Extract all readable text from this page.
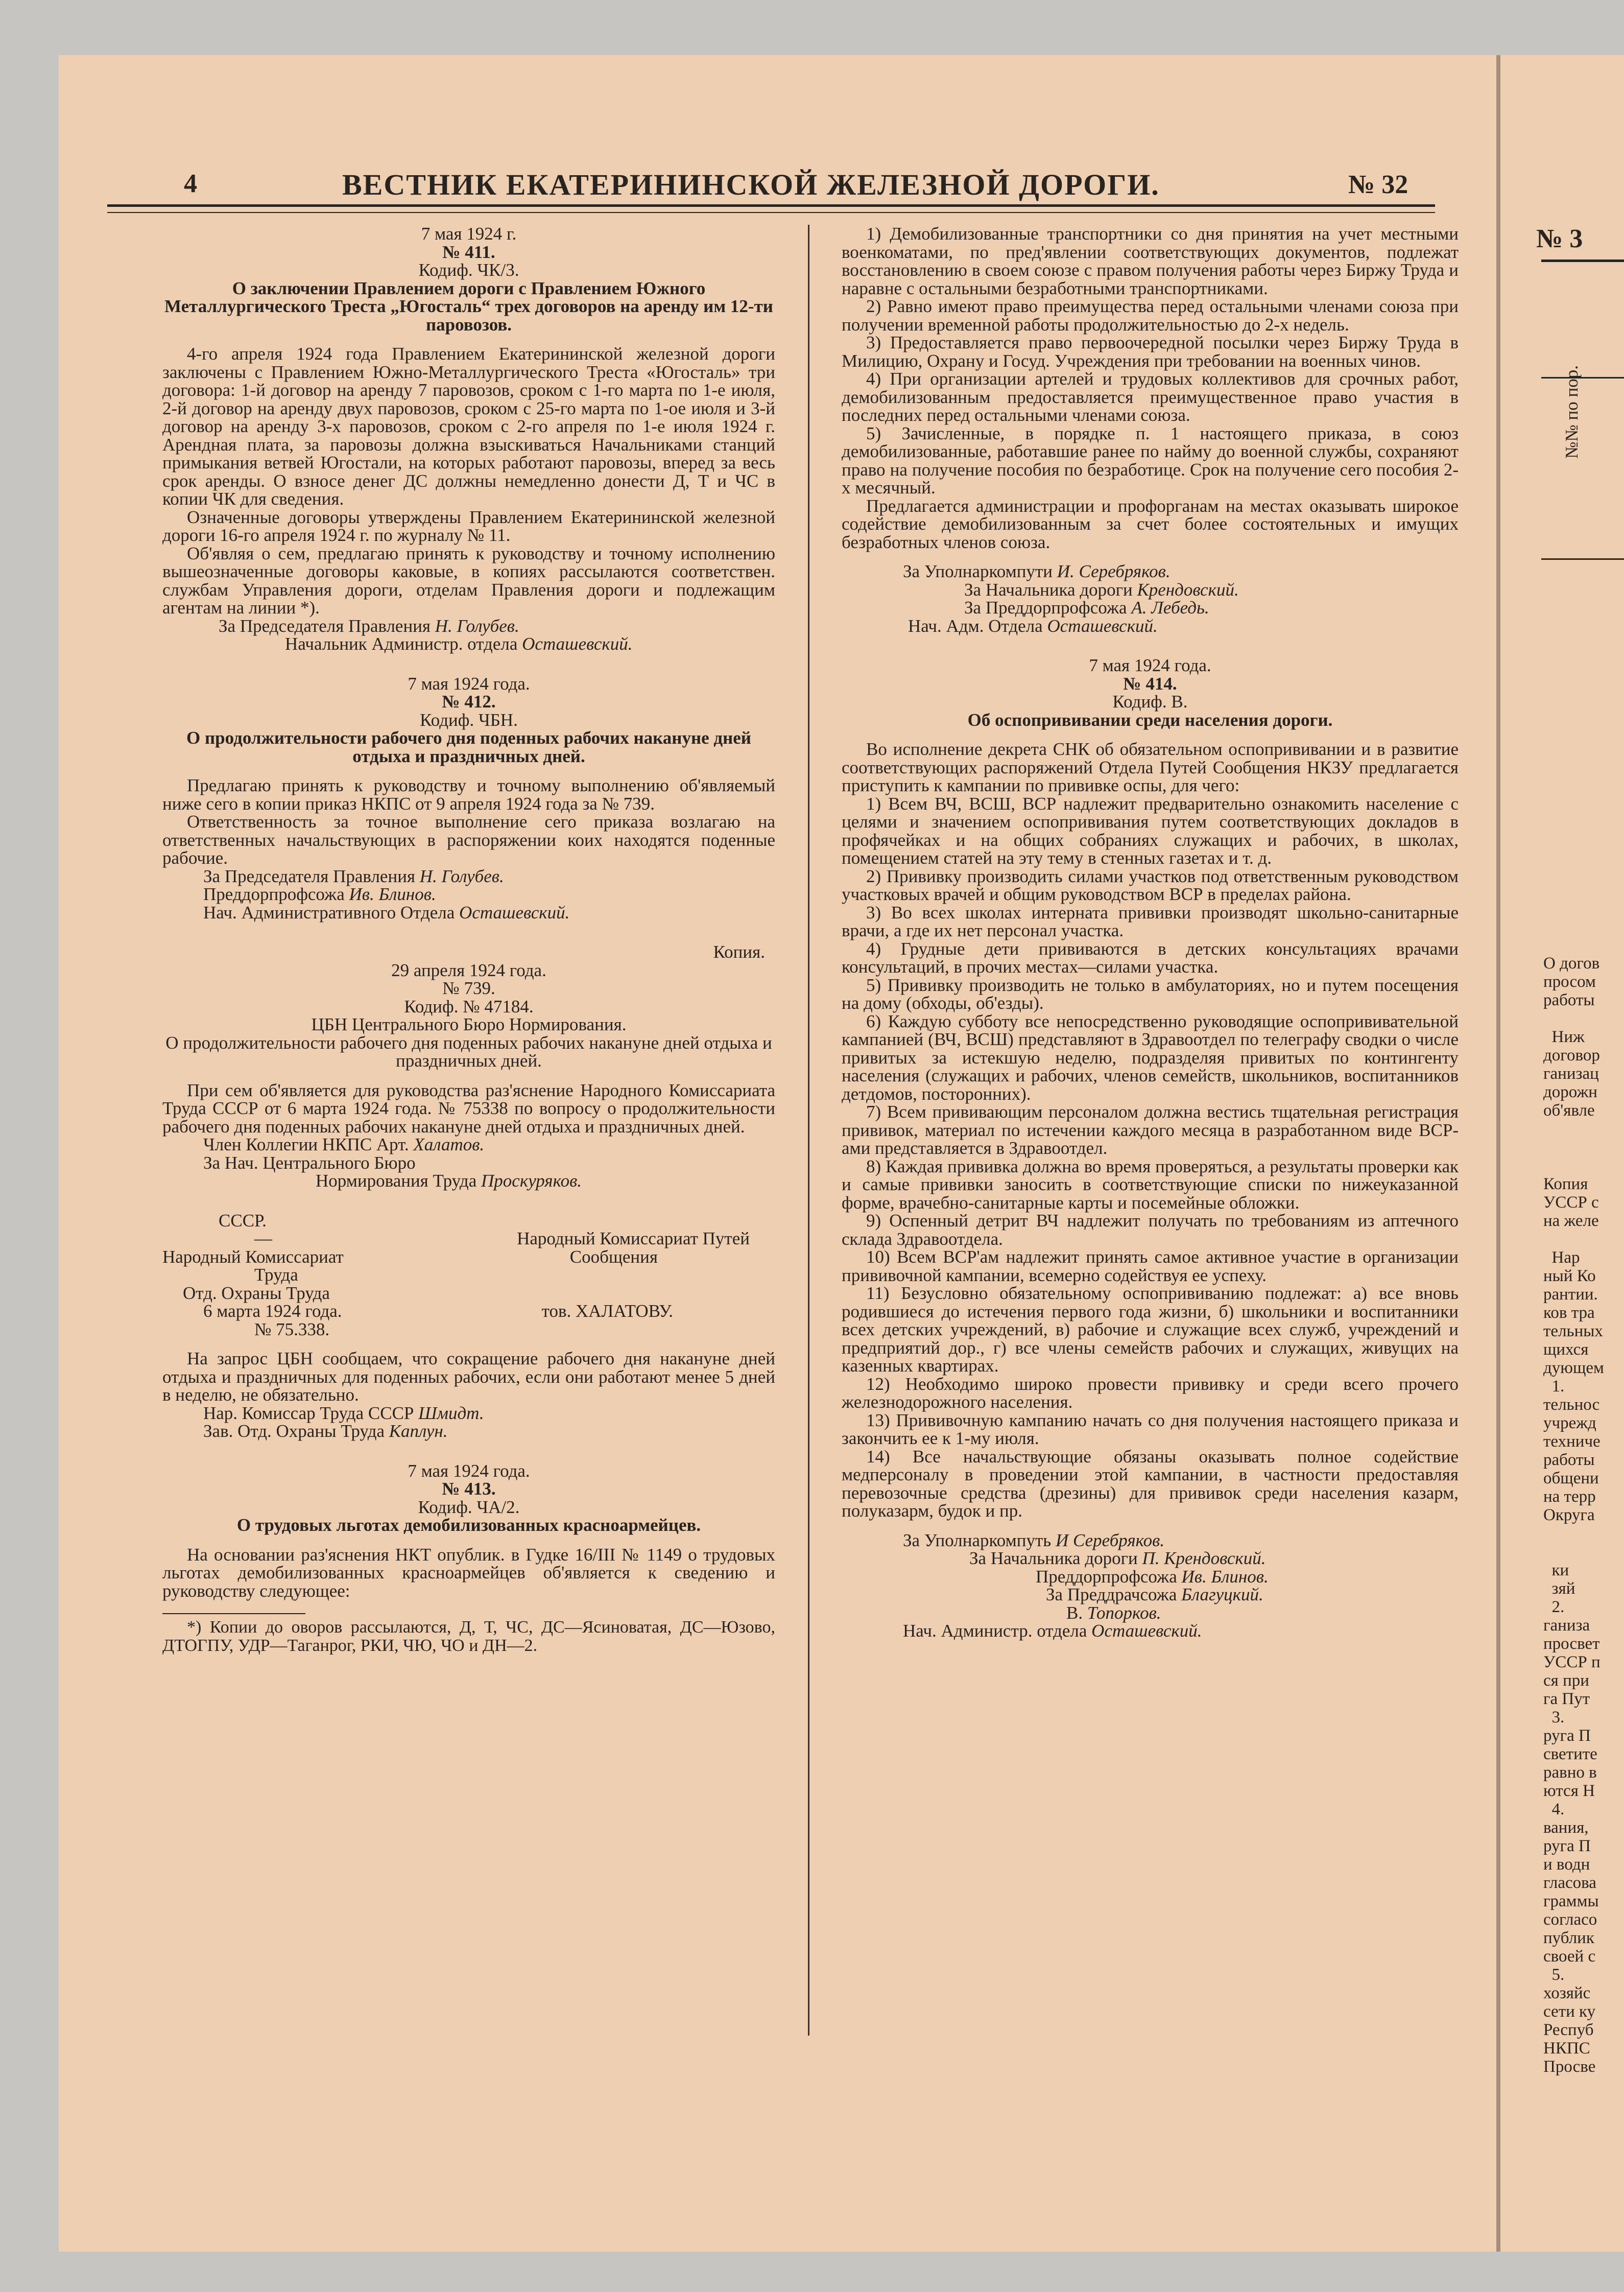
4	ВЕСТНИК ЕКАТЕРИНИНСКОЙ ЖЕЛЕЗНОЙ ДОРОГИ.	№ 32

7 мая 1924 г.

№ 411.

Кодиф. ЧК/3.

О заключении Правлением дороги с Правлением Южного Металлургического Треста „Югосталь“ трех договоров на аренду им 12-ти паровозов.

4-го апреля 1924 года Правлением Екатерининской железной дороги заключены с Правлением Южно-Металлургического Треста «Югосталь» три договора: 1-й договор на аренду 7 паровозов, сроком с 1-го марта по 1-е июля, 2-й договор на аренду двух паровозов, сроком с 25-го марта по 1-ое июля и 3-й договор на аренду 3-х паровозов, сроком с 2-го апреля по 1-е июля 1924 г. Арендная плата, за паровозы должна взыскиваться Начальниками станций примыкания ветвей Югостали, на которых работают паровозы, вперед за весь срок аренды. О взносе денег ДС должны немедленно донести Д, Т и ЧС в копии ЧК для сведения.

Означенные договоры утверждены Правлением Екатерининской железной дороги 16-го апреля 1924 г. по журналу № 11.

Об'являя о сем, предлагаю принять к руководству и точному исполнению вышеозначенные договоры каковые, в копиях рассылаются соответствен. службам Управления дороги, отделам Правления дороги и подлежащим агентам на линии *).

За Председателя Правления Н. Голубев.

Начальник Администр. отдела Осташевский.

7 мая 1924 года.

№ 412.

Кодиф. ЧБН.

О продолжительности рабочего дня поденных рабочих накануне дней отдыха и праздничных дней.

Предлагаю принять к руководству и точному выполнению об'являемый ниже сего в копии приказ НКПС от 9 апреля 1924 года за № 739.

Ответственность за точное выполнение сего приказа возлагаю на ответственных начальствующих в распоряжении коих находятся поденные рабочие.

За Председателя Правления Н. Голубев.

Преддорпрофсожа Ив. Блинов.

Нач. Административного Отдела Осташевский.

Копия.

29 апреля 1924 года.

№ 739.

Кодиф. № 47184.

ЦБН Центрального Бюро Нормирования.

О продолжительности рабочего дня поденных рабочих накануне дней отдыха и праздничных дней.

При сем об'является для руководства раз'яснение Народного Комиссариата Труда СССР от 6 марта 1924 года. № 75338 по вопросу о продолжительности рабочего дня поденных рабочих накануне дней отдыха и праздничных дней.

Член Коллегии НКПС Арт. Халатов.

За Нач. Центрального Бюро

Нормирования Труда Проскуряков.

СССР.
—	Народный Комиссариат Путей
Народный Комиссариат	Сообщения
Труда
Отд. Охраны Труда
6 марта 1924 года.	тов. ХАЛАТОВУ.
№ 75.338.

На запрос ЦБН сообщаем, что сокращение рабочего дня накануне дней отдыха и праздничных для поденных рабочих, если они работают менее 5 дней в неделю, не обязательно.

Нар. Комиссар Труда СССР Шмидт.

Зав. Отд. Охраны Труда Каплун.

7 мая 1924 года.

№ 413.

Кодиф. ЧА/2.

О трудовых льготах демобилизованных красноармейцев.

На основании раз'яснения НКТ опублик. в Гудке 16/III № 1149 о трудовых льготах демобилизованных красноармейцев об'является к сведению и руководству следующее:

*) Копии до оворов рассылаются, Д, Т, ЧС, ДС—Ясиноватая, ДС—Юзово, ДТОГПУ, УДР—Таганрог, РКИ, ЧЮ, ЧО и ДН—2.

1) Демобилизованные транспортники со дня принятия на учет местными военкоматами, по пред'явлении соответствующих документов, подлежат восстановлению в своем союзе с правом получения работы через Биржу Труда и наравне с остальными безработными транспортниками.

2) Равно имеют право преимущества перед остальными членами союза при получении временной работы продолжительностью до 2-х недель.

3) Предоставляется право первоочередной посылки через Биржу Труда в Милицию, Охрану и Госуд. Учреждения при требовании на военных чинов.

4) При организации артелей и трудовых коллективов для срочных работ, демобилизованным предоставляется преимущественное право участия в последних перед остальными членами союза.

5) Зачисленные, в порядке п. 1 настоящего приказа, в союз демобилизованные, работавшие ранее по найму до военной службы, сохраняют право на получение пособия по безработице. Срок на получение сего пособия 2-х месячный.

Предлагается администрации и профорганам на местах оказывать широкое содействие демобилизованным за счет более состоятельных и имущих безработных членов союза.

За Уполнаркомпути И. Серебряков.

За Начальника дороги Крендовский.

За Преддорпрофсожа А. Лебедь.

Нач. Адм. Отдела Осташевский.

7 мая 1924 года.

№ 414.

Кодиф. В.

Об оспопрививании среди населения дороги.

Во исполнение декрета СНК об обязательном оспопрививании и в развитие соответствующих распоряжений Отдела Путей Сообщения НКЗУ предлагается приступить к кампании по прививке оспы, для чего:

1) Всем ВЧ, ВСШ, ВСР надлежит предварительно ознакомить население с целями и значением оспопрививания путем соответствующих докладов в профячейках и на общих собраниях служащих и рабочих, в школах, помещением статей на эту тему в стенных газетах и т. д.

2) Прививку производить силами участков под ответственным руководством участковых врачей и общим руководством ВСР в пределах района.

3) Во всех школах интерната прививки производят школьно-санитарные врачи, а где их нет персонал участка.

4) Грудные дети прививаются в детских консультациях врачами консультаций, в прочих местах—силами участка.

5) Прививку производить не только в амбулаториях, но и путем посещения на дому (обходы, об'езды).

6) Каждую субботу все непосредственно руководящие оспопрививательной кампанией (ВЧ, ВСШ) представляют в Здравоотдел по телеграфу сводки о числе привитых за истекшую неделю, подразделяя привитых по контингенту населения (служащих и рабочих, членов семейств, школьников, воспитанников детдомов, посторонних).

7) Всем прививающим персоналом должна вестись тщательная регистрация прививок, материал по истечении каждого месяца в разработанном виде ВСР-ами представляется в Здравоотдел.

8) Каждая прививка должна во время проверяться, а результаты проверки как и самые прививки заносить в соответствующие списки по нижеуказанной форме, врачебно-санитарные карты и посемейные обложки.

9) Оспенный детрит ВЧ надлежит получать по требованиям из аптечного склада Здравоотдела.

10) Всем ВСР'ам надлежит принять самое активное участие в организации прививочной кампании, всемерно содействуя ее успеху.

11) Безусловно обязательному оспопрививанию подлежат: а) все вновь родившиеся до истечения первого года жизни, б) школьники и воспитанники всех детских учреждений, в) рабочие и служащие всех служб, учреждений и предприятий дор., г) все члены семейств рабочих и служащих, живущих на казенных квартирах.

12) Необходимо широко провести прививку и среди всего прочего железнодорожного населения.

13) Прививочную кампанию начать со дня получения настоящего приказа и закончить ее к 1-му июля.

14) Все начальствующие обязаны оказывать полное содействие медперсоналу в проведении этой кампании, в частности предоставляя перевозочные средства (дрезины) для прививок среди населения казарм, полуказарм, будок и пр.

За Уполнаркомпуть И Серебряков.

За Начальника дороги П. Крендовский.

Преддорпрофсожа Ив. Блинов.

За Преддрачсожа Благуцкий.

В. Топорков.

Нач. Администр. отдела Осташевский.

№ 3
№№ по пор.
О догов
просом
работы

Ниж
договор
ганизац
дорожн
об'явле

Копия
УССР с
на желе

Нар
ный Ко
рантии.
ков тра
тельных
щихся
дующем
1.
тельнос
учрежд
техниче
работы
общени
на терр
Округа

ки
зяй
2.
ганиза
просвет
УССР п
ся при
га Пут
3.
руга П
светите
равно в
ются Н
4.
вания,
руга П
и водн
гласова
граммы
согласо
публик
своей с
5.
хозяйс
сети ку
Респуб
НКПС
Просве
